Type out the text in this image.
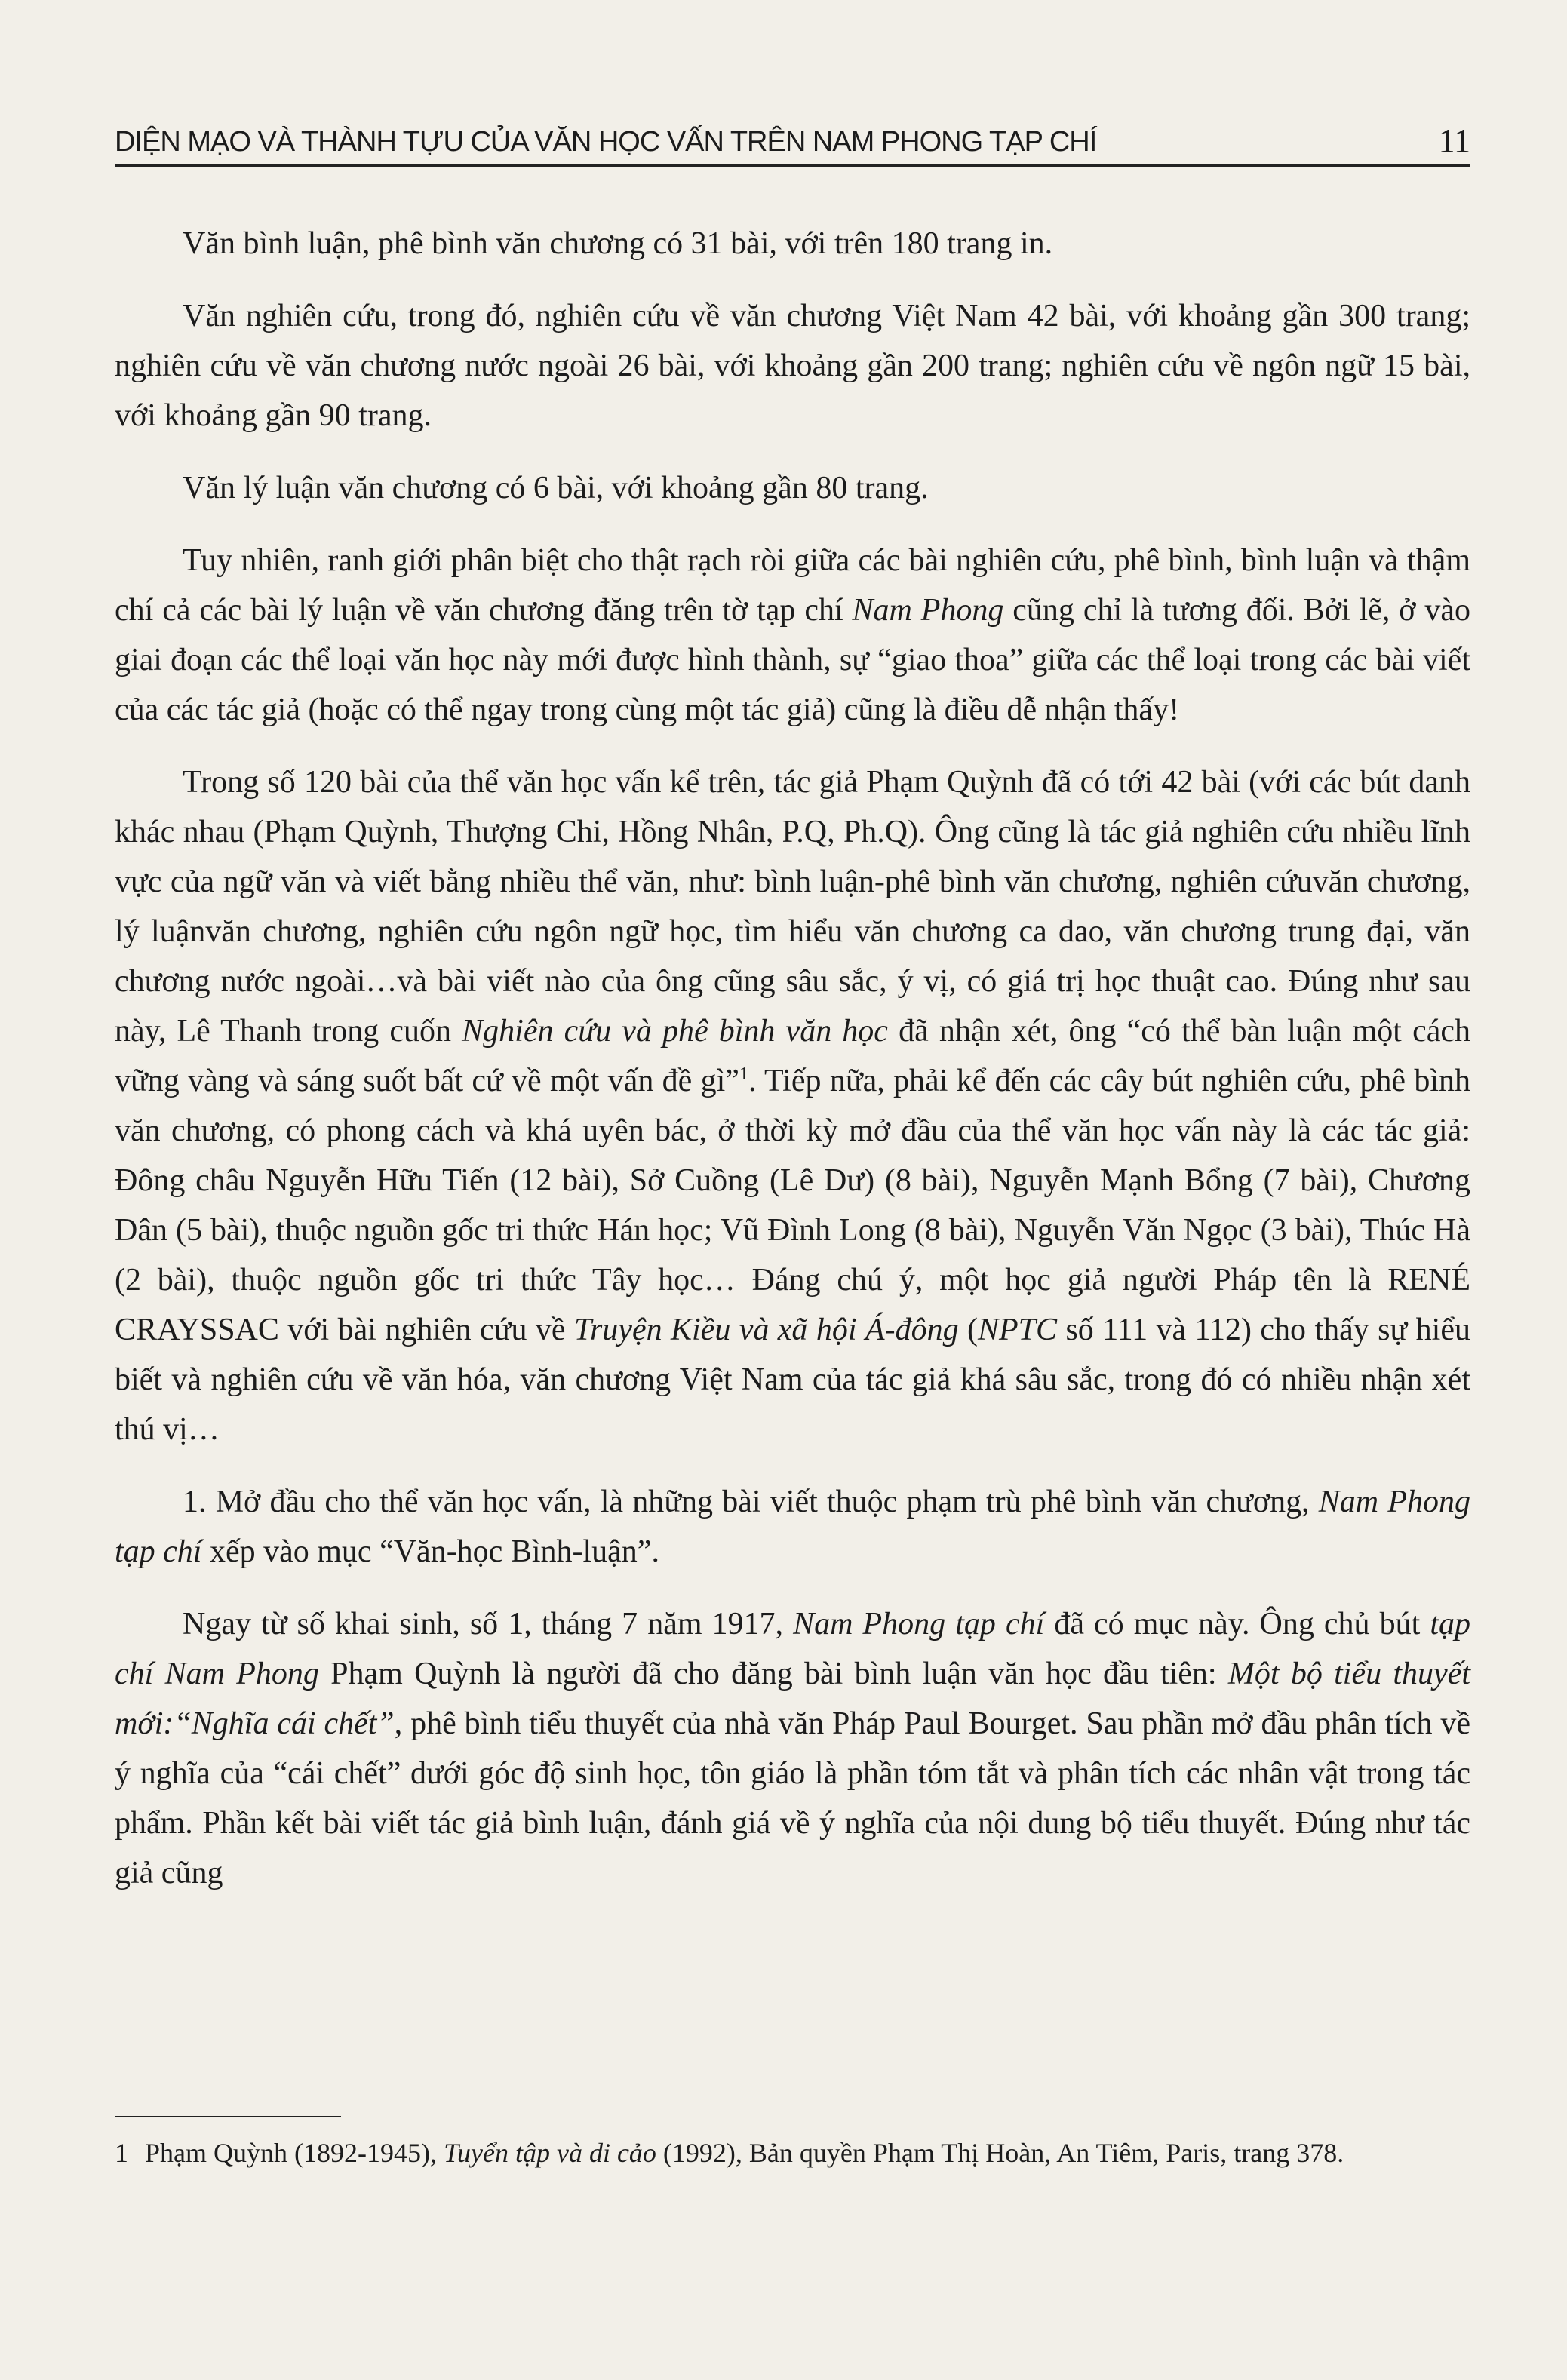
DIỆN MẠO VÀ THÀNH TỰU CỦA VĂN HỌC VẤN TRÊN NAM PHONG TẠP CHÍ	11

Văn bình luận, phê bình văn chương có 31 bài, với trên 180 trang in.

Văn nghiên cứu, trong đó, nghiên cứu về văn chương Việt Nam 42 bài, với khoảng gần 300 trang; nghiên cứu về văn chương nước ngoài 26 bài, với khoảng gần 200 trang; nghiên cứu về ngôn ngữ 15 bài, với khoảng gần 90 trang.

Văn lý luận văn chương có 6 bài, với khoảng gần 80 trang.

Tuy nhiên, ranh giới phân biệt cho thật rạch ròi giữa các bài nghiên cứu, phê bình, bình luận và thậm chí cả các bài lý luận về văn chương đăng trên tờ tạp chí Nam Phong cũng chỉ là tương đối. Bởi lẽ, ở vào giai đoạn các thể loại văn học này mới được hình thành, sự “giao thoa” giữa các thể loại trong các bài viết của các tác giả (hoặc có thể ngay trong cùng một tác giả) cũng là điều dễ nhận thấy!

Trong số 120 bài của thể văn học vấn kể trên, tác giả Phạm Quỳnh đã có tới 42 bài (với các bút danh khác nhau (Phạm Quỳnh, Thượng Chi, Hồng Nhân, P.Q, Ph.Q). Ông cũng là tác giả nghiên cứu nhiều lĩnh vực của ngữ văn và viết bằng nhiều thể văn, như: bình luận-phê bình văn chương, nghiên cứuvăn chương, lý luậnvăn chương, nghiên cứu ngôn ngữ học, tìm hiểu văn chương ca dao, văn chương trung đại, văn chương nước ngoài…và bài viết nào của ông cũng sâu sắc, ý vị, có giá trị học thuật cao. Đúng như sau này, Lê Thanh trong cuốn Nghiên cứu và phê bình văn học đã nhận xét, ông “có thể bàn luận một cách vững vàng và sáng suốt bất cứ về một vấn đề gì”$^1$. Tiếp nữa, phải kể đến các cây bút nghiên cứu, phê bình văn chương, có phong cách và khá uyên bác, ở thời kỳ mở đầu của thể văn học vấn này là các tác giả: Đông châu Nguyễn Hữu Tiến (12 bài), Sở Cuồng (Lê Dư) (8 bài), Nguyễn Mạnh Bổng (7 bài), Chương Dân (5 bài), thuộc nguồn gốc tri thức Hán học; Vũ Đình Long (8 bài), Nguyễn Văn Ngọc (3 bài), Thúc Hà (2 bài), thuộc nguồn gốc tri thức Tây học… Đáng chú ý, một học giả người Pháp tên là RENÉ CRAYSSAC với bài nghiên cứu về Truyện Kiều và xã hội Á-đông (NPTC số 111 và 112) cho thấy sự hiểu biết và nghiên cứu về văn hóa, văn chương Việt Nam của tác giả khá sâu sắc, trong đó có nhiều nhận xét thú vị…

1. Mở đầu cho thể văn học vấn, là những bài viết thuộc phạm trù phê bình văn chương, Nam Phong tạp chí xếp vào mục “Văn-học Bình-luận”.

Ngay từ số khai sinh, số 1, tháng 7 năm 1917, Nam Phong tạp chí đã có mục này. Ông chủ bút tạp chí Nam Phong Phạm Quỳnh là người đã cho đăng bài bình luận văn học đầu tiên: Một bộ tiểu thuyết mới:“Nghĩa cái chết”, phê bình tiểu thuyết của nhà văn Pháp Paul Bourget. Sau phần mở đầu phân tích về ý nghĩa của “cái chết” dưới góc độ sinh học, tôn giáo là phần tóm tắt và phân tích các nhân vật trong tác phẩm. Phần kết bài viết tác giả bình luận, đánh giá về ý nghĩa của nội dung bộ tiểu thuyết. Đúng như tác giả cũng

1 Phạm Quỳnh (1892-1945), Tuyển tập và di cảo (1992), Bản quyền Phạm Thị Hoàn, An Tiêm, Paris, trang 378.
